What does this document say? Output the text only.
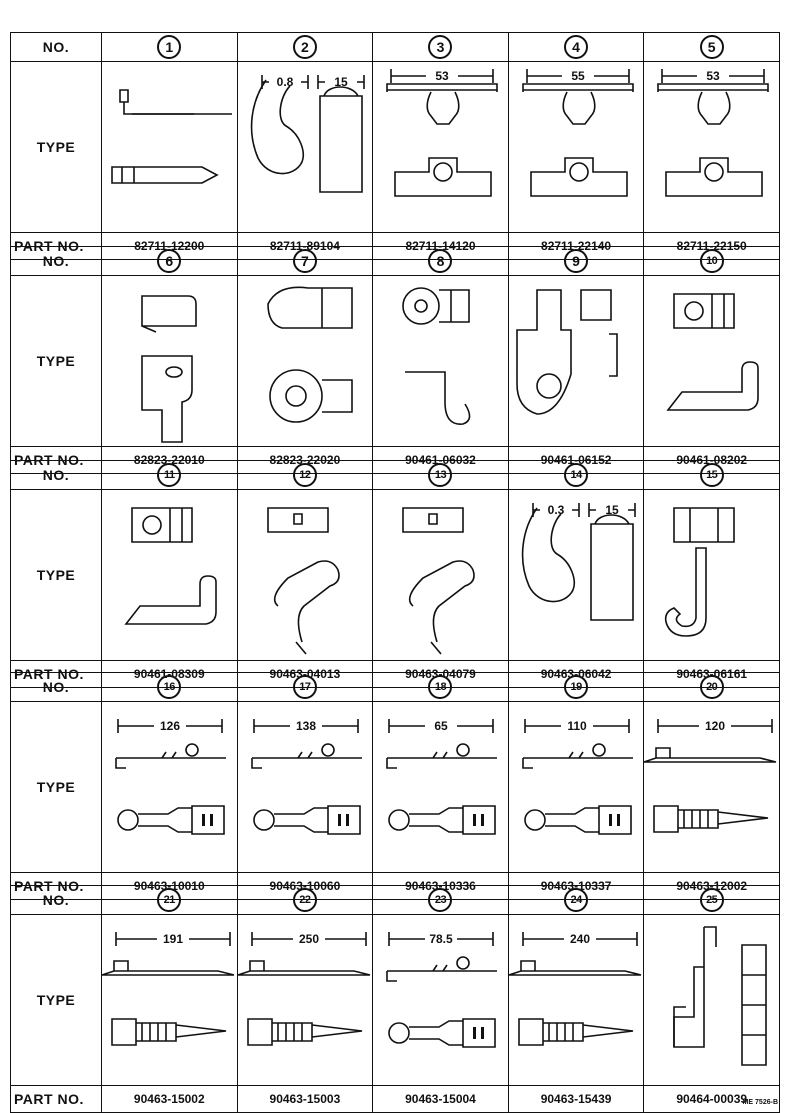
NO.	1	2	3	4	5
TYPE		0.8 15	53	55	53

PART NO.	82711-12200	82711-89104	82711-14120	82711-22140	82711-22150
NO.	6	7	8	9	10
TYPE	

PART NO.	82823-22010	82823-22020	90461-06032	90461-06152	90461-08202
NO.	11	12	13	14	15
TYPE				0.3 15

PART NO.	90461-08309	90463-04013	90463-04079	90463-06042	90463-06161
NO.	16	17	18	19	20
TYPE	126	138	65	110	120

PART NO.	90463-10010	90463-10060	90463-10336	90463-10337	90463-12002
NO.	21	22	23	24	25
TYPE	191	250	78.5	240

PART NO.	90463-15002	90463-15003	90463-15004	90463-15439	90464-00039
ME 7526-B
